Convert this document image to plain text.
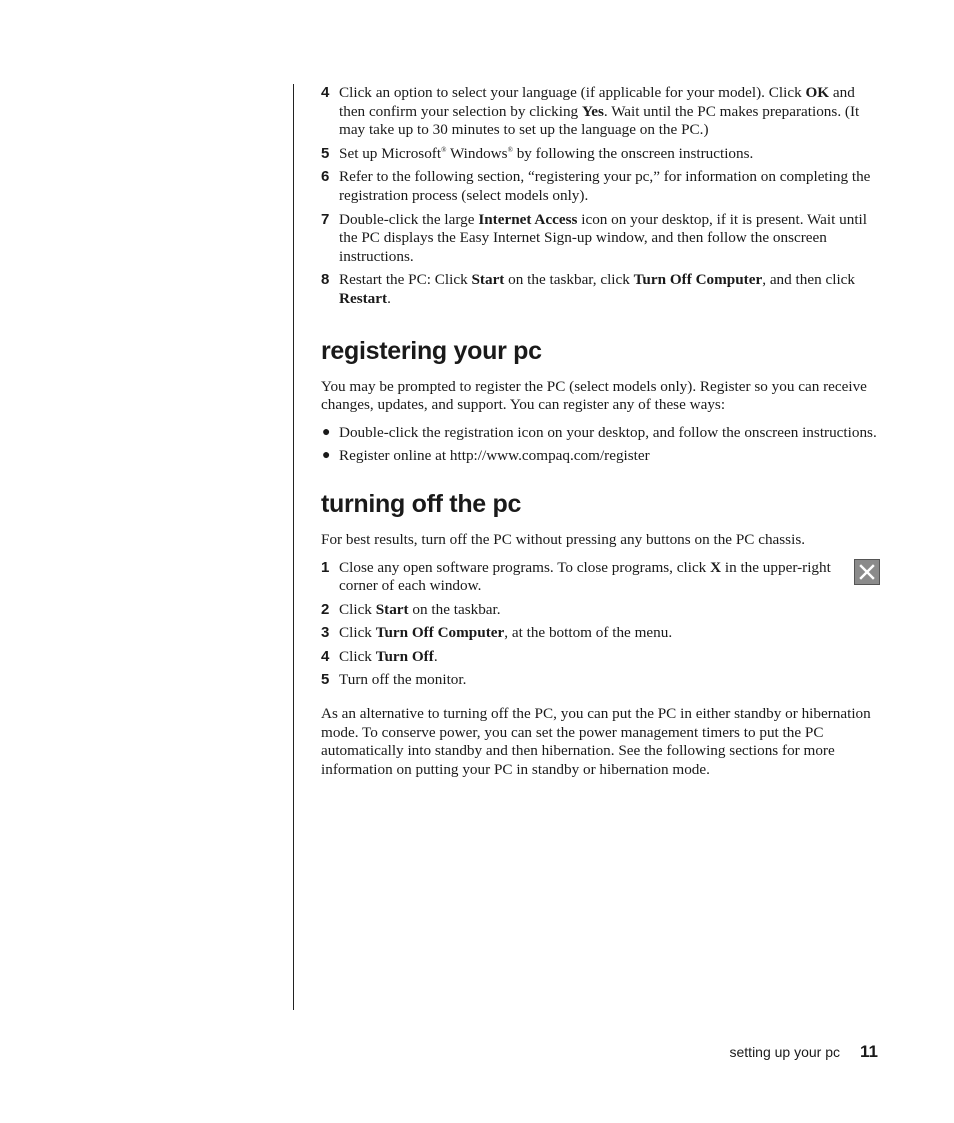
4 Click an option to select your language (if applicable for your model). Click OK and then confirm your selection by clicking Yes. Wait until the PC makes preparations. (It may take up to 30 minutes to set up the language on the PC.)
5 Set up Microsoft® Windows® by following the onscreen instructions.
6 Refer to the following section, “registering your pc,” for information on completing the registration process (select models only).
7 Double-click the large Internet Access icon on your desktop, if it is present. Wait until the PC displays the Easy Internet Sign-up window, and then follow the onscreen instructions.
8 Restart the PC: Click Start on the taskbar, click Turn Off Computer, and then click Restart.
registering your pc

You may be prompted to register the PC (select models only). Register so you can receive changes, updates, and support. You can register any of these ways:

● Double-click the registration icon on your desktop, and follow the onscreen instructions.
● Register online at http://www.compaq.com/register
turning off the pc

For best results, turn off the PC without pressing any buttons on the PC chassis.

1 Close any open software programs. To close programs, click X in the upper-right corner of each window.
2 Click Start on the taskbar.
3 Click Turn Off Computer, at the bottom of the menu.
4 Click Turn Off.
5 Turn off the monitor.

As an alternative to turning off the PC, you can put the PC in either standby or hibernation mode. To conserve power, you can set the power management timers to put the PC automatically into standby and then hibernation. See the following sections for more information on putting your PC in standby or hibernation mode.

setting up your pc 11
